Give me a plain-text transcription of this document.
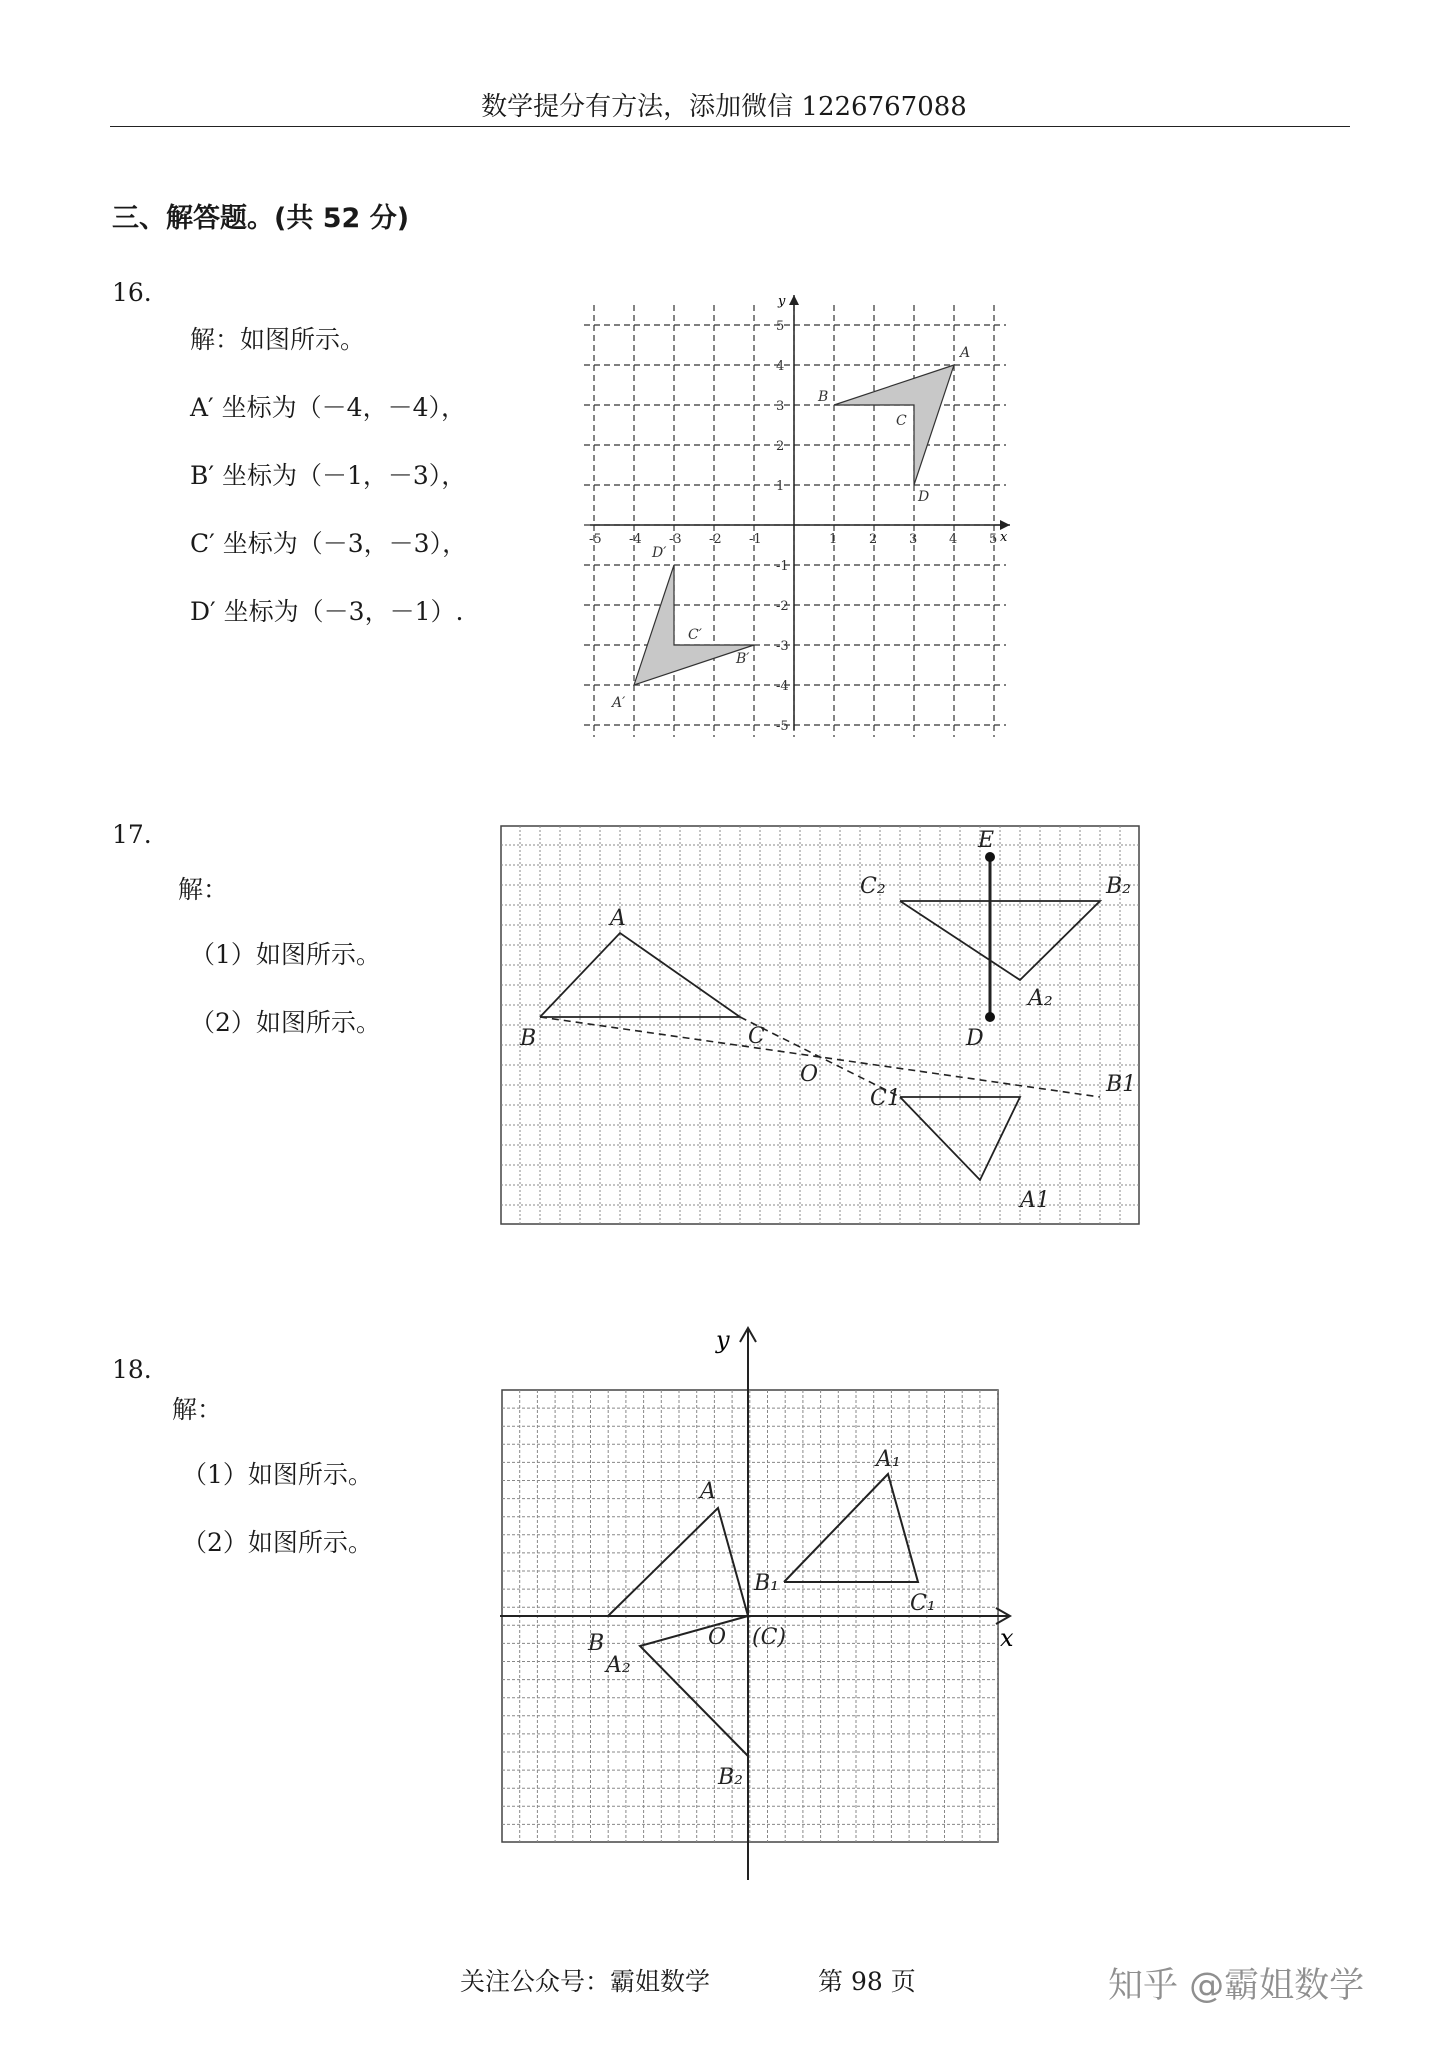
数学提分有方法，添加微信 1226767088
三、解答题。(共 52 分)
16.
解：如图所示。
A′ 坐标为（－4，－4），
B′ 坐标为（－1，－3），
C′ 坐标为（－3，－3），
D′ 坐标为（－3，－1）.
x
y
-5 -4 -3 -2 -1	1 2 3 4 5
5
4
3
2
1
-1
-2
-3
-4
-5
A
B
C
D
A′
B′
C′
D′
17.
解：
（1）如图所示。
（2）如图所示。
A
B	C
O
C1
B1
A1
C₂	B₂
A₂
D
E
18.
解：
（1）如图所示。
（2）如图所示。
x
y
A
B	O (C)
A₁
B₁
C₁
A₂
B₂
关注公众号：霸姐数学	第 98 页	知乎 @霸姐数学
